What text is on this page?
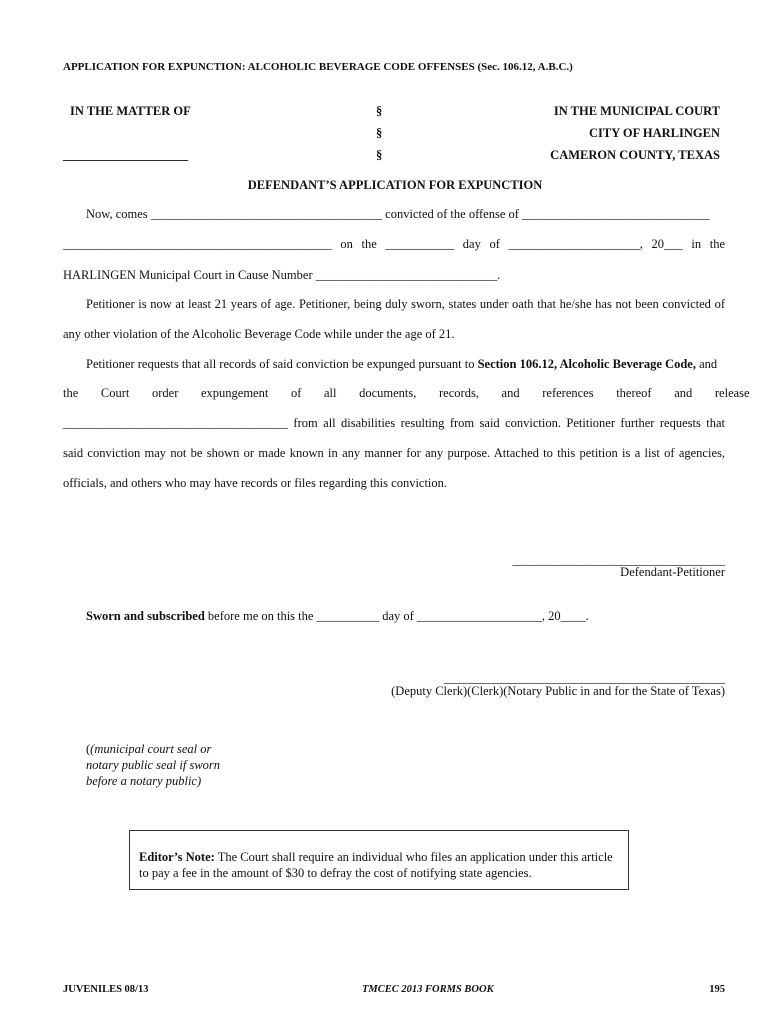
APPLICATION FOR EXPUNCTION: ALCOHOLIC BEVERAGE CODE OFFENSES (Sec. 106.12, A.B.C.)
IN THE MATTER OF
____________________
§
§
§
IN THE MUNICIPAL COURT
CITY OF HARLINGEN
CAMERON COUNTY, TEXAS
DEFENDANT’S APPLICATION FOR EXPUNCTION
Now, comes _____________________________________ convicted of the offense of ______________________________
___________________________________________ on the ___________ day of _____________________, 20___ in the
HARLINGEN Municipal Court in Cause Number _____________________________.
Petitioner is now at least 21 years of age. Petitioner, being duly sworn, states under oath that he/she has not been convicted of
any other violation of the Alcoholic Beverage Code while under the age of 21.
Petitioner requests that all records of said conviction be expunged pursuant to Section 106.12, Alcoholic Beverage Code, and
the Court order expungement of all documents, records, and references thereof and release
____________________________________ from all disabilities resulting from said conviction. Petitioner further requests that
said conviction may not be shown or made known in any manner for any purpose. Attached to this petition is a list of agencies,
officials, and others who may have records or files regarding this conviction.
__________________________________
Defendant-Petitioner
Sworn and subscribed before me on this the __________ day of ____________________, 20____.
_____________________________________________
(Deputy Clerk)(Clerk)(Notary Public in and for the State of Texas)
((municipal court seal or
notary public seal if sworn
before a notary public)
Editor’s Note: The Court shall require an individual who files an application under this article
to pay a fee in the amount of $30 to defray the cost of notifying state agencies.
JUVENILES 08/13	TMCEC 2013 FORMS BOOK	195
